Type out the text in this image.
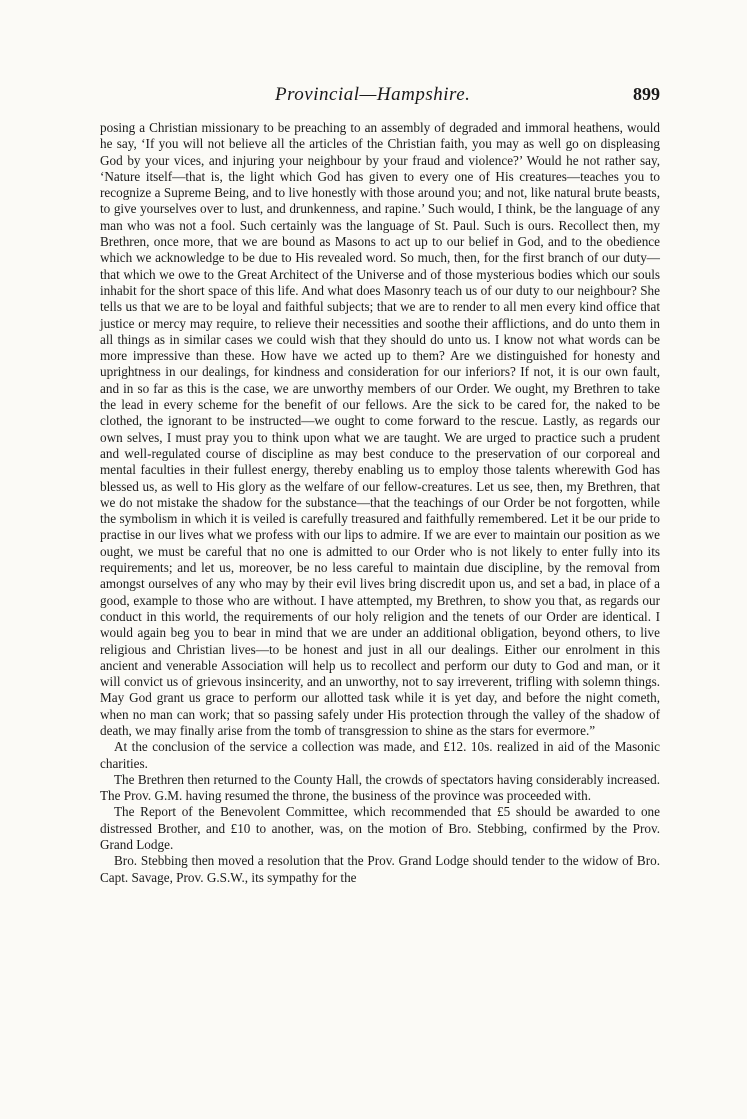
Provincial—Hampshire.	899

posing a Christian missionary to be preaching to an assembly of degraded and immoral heathens, would he say, ‘If you will not believe all the articles of the Christian faith, you may as well go on displeasing God by your vices, and injuring your neighbour by your fraud and violence?’ Would he not rather say, ‘Nature itself—that is, the light which God has given to every one of His creatures—teaches you to recognize a Supreme Being, and to live honestly with those around you; and not, like natural brute beasts, to give yourselves over to lust, and drunkenness, and rapine.’ Such would, I think, be the language of any man who was not a fool. Such certainly was the language of St. Paul. Such is ours. Recollect then, my Brethren, once more, that we are bound as Masons to act up to our belief in God, and to the obedience which we acknowledge to be due to His revealed word. So much, then, for the first branch of our duty—that which we owe to the Great Architect of the Universe and of those mysterious bodies which our souls inhabit for the short space of this life. And what does Masonry teach us of our duty to our neighbour? She tells us that we are to be loyal and faithful subjects; that we are to render to all men every kind office that justice or mercy may require, to relieve their necessities and soothe their afflictions, and do unto them in all things as in similar cases we could wish that they should do unto us. I know not what words can be more impressive than these. How have we acted up to them? Are we distinguished for honesty and uprightness in our dealings, for kindness and consideration for our inferiors? If not, it is our own fault, and in so far as this is the case, we are unworthy members of our Order. We ought, my Brethren to take the lead in every scheme for the benefit of our fellows. Are the sick to be cared for, the naked to be clothed, the ignorant to be instructed—we ought to come forward to the rescue. Lastly, as regards our own selves, I must pray you to think upon what we are taught. We are urged to practice such a prudent and well-regulated course of discipline as may best conduce to the preservation of our corporeal and mental faculties in their fullest energy, thereby enabling us to employ those talents wherewith God has blessed us, as well to His glory as the welfare of our fellow-creatures. Let us see, then, my Brethren, that we do not mistake the shadow for the substance—that the teachings of our Order be not forgotten, while the symbolism in which it is veiled is carefully treasured and faithfully remembered. Let it be our pride to practise in our lives what we profess with our lips to admire. If we are ever to maintain our position as we ought, we must be careful that no one is admitted to our Order who is not likely to enter fully into its requirements; and let us, moreover, be no less careful to maintain due discipline, by the removal from amongst ourselves of any who may by their evil lives bring discredit upon us, and set a bad, in place of a good, example to those who are without. I have attempted, my Brethren, to show you that, as regards our conduct in this world, the requirements of our holy religion and the tenets of our Order are identical. I would again beg you to bear in mind that we are under an additional obligation, beyond others, to live religious and Christian lives—to be honest and just in all our dealings. Either our enrolment in this ancient and venerable Association will help us to recollect and perform our duty to God and man, or it will convict us of grievous insincerity, and an unworthy, not to say irreverent, trifling with solemn things. May God grant us grace to perform our allotted task while it is yet day, and before the night cometh, when no man can work; that so passing safely under His protection through the valley of the shadow of death, we may finally arise from the tomb of transgression to shine as the stars for evermore.”

At the conclusion of the service a collection was made, and £12. 10s. realized in aid of the Masonic charities.

The Brethren then returned to the County Hall, the crowds of spectators having considerably increased. The Prov. G.M. having resumed the throne, the business of the province was proceeded with.

The Report of the Benevolent Committee, which recommended that £5 should be awarded to one distressed Brother, and £10 to another, was, on the motion of Bro. Stebbing, confirmed by the Prov. Grand Lodge.

Bro. Stebbing then moved a resolution that the Prov. Grand Lodge should tender to the widow of Bro. Capt. Savage, Prov. G.S.W., its sympathy for the
